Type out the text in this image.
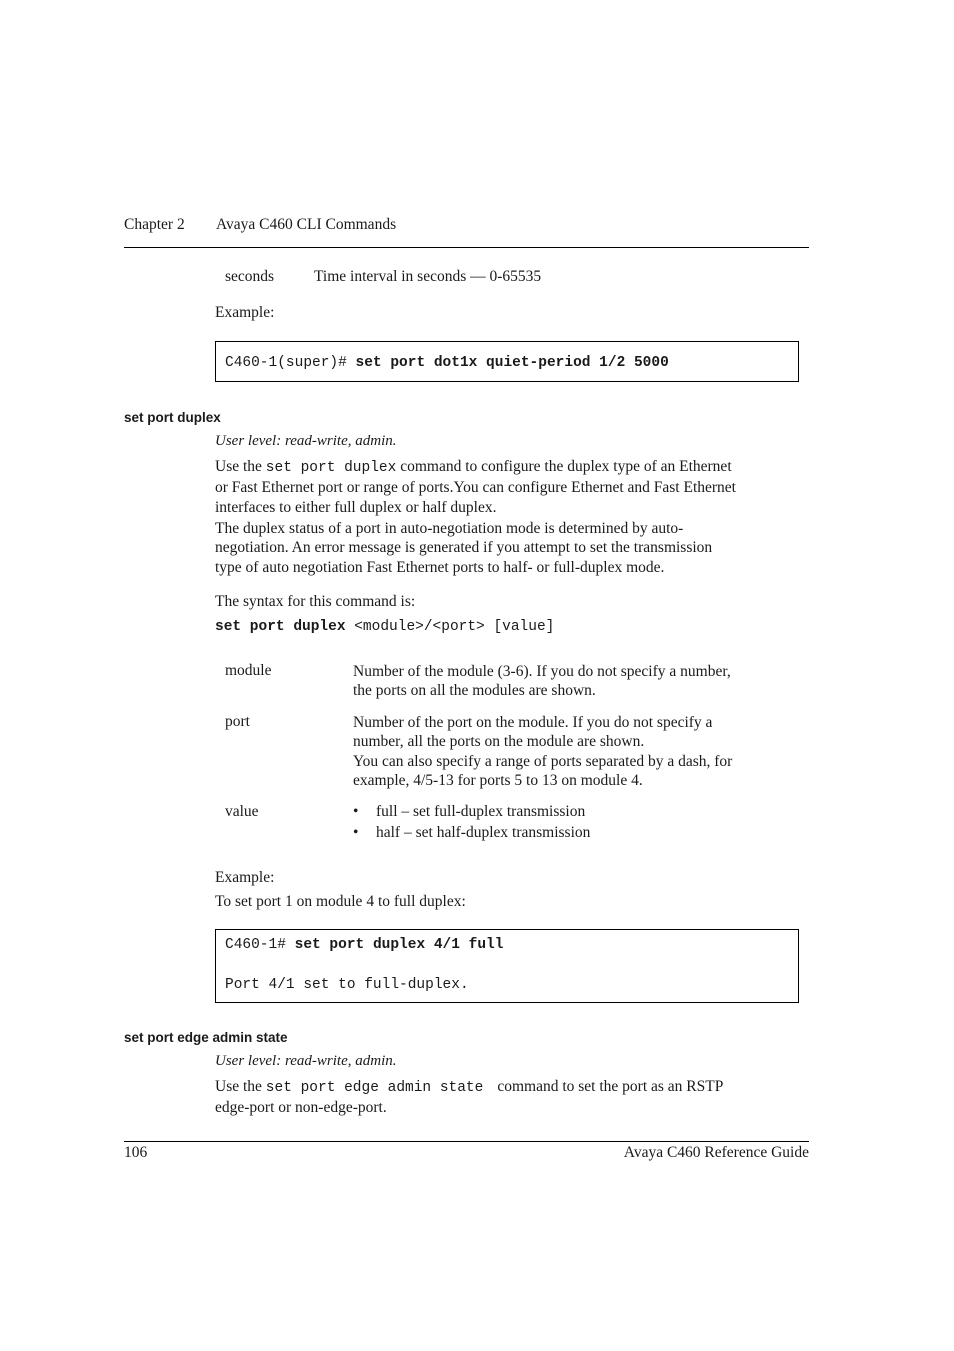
Chapter 2 Avaya C460 CLI Commands
seconds	Time interval in seconds — 0-65535
Example:
C460-1(super)# set port dot1x quiet-period 1/2 5000
set port duplex
User level: read-write, admin.
Use the set port duplex command to configure the duplex type of an Ethernet
or Fast Ethernet port or range of ports.You can configure Ethernet and Fast Ethernet
interfaces to either full duplex or half duplex.
The duplex status of a port in auto-negotiation mode is determined by auto-
negotiation. An error message is generated if you attempt to set the transmission
type of auto negotiation Fast Ethernet ports to half- or full-duplex mode.
The syntax for this command is:
set port duplex <module>/<port> [value]
module	Number of the module (3-6). If you do not specify a number,
the ports on all the modules are shown.
port	Number of the port on the module. If you do not specify a
number, all the ports on the module are shown.
You can also specify a range of ports separated by a dash, for
example, 4/5-13 for ports 5 to 13 on module 4.
value	• full – set full-duplex transmission
• half – set half-duplex transmission
Example:
To set port 1 on module 4 to full duplex:
C460-1# set port duplex 4/1 full
Port 4/1 set to full-duplex.
set port edge admin state
User level: read-write, admin.
Use the set port edge admin state command to set the port as an RSTP
edge-port or non-edge-port.
106	Avaya C460 Reference Guide
